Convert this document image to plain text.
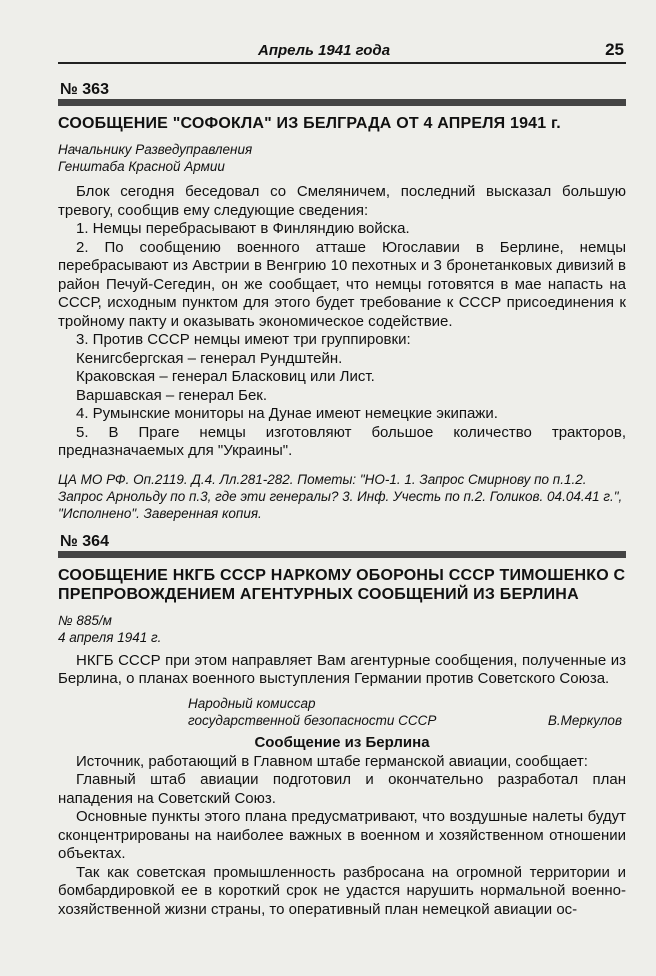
Апрель 1941 года	25
№ 363
СООБЩЕНИЕ "СОФОКЛА" ИЗ БЕЛГРАДА ОТ 4 АПРЕЛЯ 1941 г.
Начальнику Разведуправления
Генштаба Красной Армии

Блок сегодня беседовал со Смеляничем, последний высказал большую тревогу, сообщив ему следующие сведения:

1. Немцы перебрасывают в Финляндию войска.

2. По сообщению военного атташе Югославии в Берлине, немцы перебрасывают из Австрии в Венгрию 10 пехотных и 3 бронетанковых дивизий в район Печуй-Сегедин, он же сообщает, что немцы готовятся в мае напасть на СССР, исходным пунктом для этого будет требование к СССР присоединения к тройному пакту и оказывать экономическое содействие.

3. Против СССР немцы имеют три группировки:

Кенигсбергская – генерал Рундштейн.

Краковская – генерал Бласковиц или Лист.

Варшавская – генерал Бек.

4. Румынские мониторы на Дунае имеют немецкие экипажи.

5. В Праге немцы изготовляют большое количество тракторов, предназначаемых для "Украины".

ЦА МО РФ. Оп.2119. Д.4. Лл.281-282. Пометы: "НО-1. 1. Запрос Смирнову по п.1.2. Запрос Арнольду по п.3, где эти генералы? 3. Инф. Учесть по п.2. Голиков. 04.04.41 г.", "Исполнено". Заверенная копия.
№ 364
СООБЩЕНИЕ НКГБ СССР НАРКОМУ ОБОРОНЫ СССР ТИМОШЕНКО С ПРЕПРОВОЖДЕНИЕМ АГЕНТУРНЫХ СООБЩЕНИЙ ИЗ БЕРЛИНА
№ 885/м
4 апреля 1941 г.

НКГБ СССР при этом направляет Вам агентурные сообщения, полученные из Берлина, о планах военного выступления Германии против Советского Союза.

Народный комиссар
государственной безопасности СССР	В.Меркулов
Сообщение из Берлина

Источник, работающий в Главном штабе германской авиации, сообщает:

Главный штаб авиации подготовил и окончательно разработал план нападения на Советский Союз.

Основные пункты этого плана предусматривают, что воздушные налеты будут сконцентрированы на наиболее важных в военном и хозяйственном отношении объектах.

Так как советская промышленность разбросана на огромной территории и бомбардировкой ее в короткий срок не удастся нарушить нормальной военно-хозяйственной жизни страны, то оперативный план немецкой авиации ос-
